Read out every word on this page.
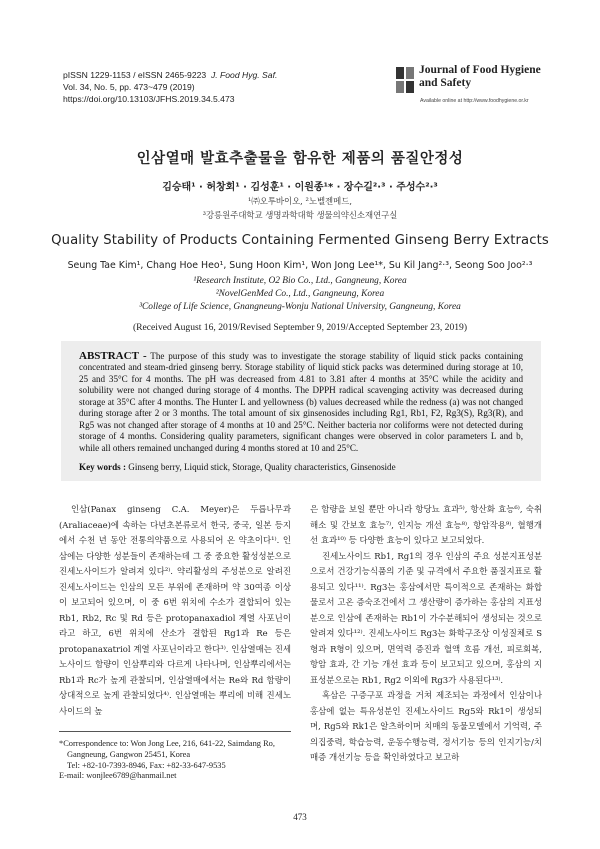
pISSN 1229-1153 / eISSN 2465-9223 J. Food Hyg. Saf.
Vol. 34, No. 5, pp. 473~479 (2019)
https://doi.org/10.13103/JFHS.2019.34.5.473
Journal of Food Hygiene
and Safety
Available online at http://www.foodhygiene.or.kr
인삼열매 발효추출물을 함유한 제품의 품질안정성
김승태¹ · 허창회¹ · 김성훈¹ · 이원종¹* · 장수길²·³ · 주성수²·³
¹㈜오투바이오, ²노벨젠메드,
³강릉원주대학교 생명과학대학 생물의약신소재연구실
Quality Stability of Products Containing Fermented Ginseng Berry Extracts
Seung Tae Kim¹, Chang Hoe Heo¹, Sung Hoon Kim¹, Won Jong Lee¹*, Su Kil Jang²·³, Seong Soo Joo²·³
¹Research Institute, O2 Bio Co., Ltd., Gangneung, Korea
²NovelGenMed Co., Ltd., Gangneung, Korea
³College of Life Science, Gnangneung-Wonju National University, Gangneung, Korea
(Received August 16, 2019/Revised September 9, 2019/Accepted September 23, 2019)
ABSTRACT - The purpose of this study was to investigate the storage stability of liquid stick packs containing concentrated and steam-dried ginseng berry. Storage stability of liquid stick packs was determined during storage at 10, 25 and 35°C for 4 months. The pH was decreased from 4.81 to 3.81 after 4 months at 35°C while the acidity and solubility were not changed during storage of 4 months. The DPPH radical scavenging activity was decreased during storage at 35°C after 4 months. The Hunter L and yellowness (b) values decreased while the redness (a) was not changed during storage after 2 or 3 months. The total amount of six ginsenosides including Rg1, Rb1, F2, Rg3(S), Rg3(R), and Rg5 was not changed after storage of 4 months at 10 and 25°C. Neither bacteria nor coliforms were not detected during storage of 4 months. Considering quality parameters, significant changes were observed in color parameters L and b, while all others remained unchanged during 4 months stored at 10 and 25°C.
Key words : Ginseng berry, Liquid stick, Storage, Quality characteristics, Ginsenoside

인삼(Panax ginseng C.A. Meyer)은 두릅나무과(Araliaceae)에 속하는 다년초본류로서 한국, 중국, 일본 등지에서 수천 년 동안 전통의약품으로 사용되어 온 약초이다¹⁾. 인삼에는 다양한 성분들이 존재하는데 그 중 중요한 활성성분으로 진세노사이드가 알려져 있다²⁾. 약리활성의 주성분으로 알려진 진세노사이드는 인삼의 모든 부위에 존재하며 약 30여종 이상이 보고되어 있으며, 이 중 6번 위치에 수소가 결합되어 있는 Rb1, Rb2, Rc 및 Rd 등은 protopanaxadiol 계열 사포닌이라고 하고, 6번 위치에 산소가 결합된 Rg1과 Re 등은 protopanaxatriol 계열 사포닌이라고 한다³⁾. 인삼열매는 진세노사이드 함량이 인삼뿌리와 다르게 나타나며, 인삼뿌리에서는 Rb1과 Rc가 높게 관찰되며, 인삼열매에서는 Re와 Rd 함량이 상대적으로 높게 관찰되었다⁴⁾. 인삼열매는 뿌리에 비해 진세노사이드의 높

은 함량을 보일 뿐만 아니라 항당뇨 효과⁵⁾, 항산화 효능⁶⁾, 숙취해소 및 간보호 효능⁷⁾, 인지능 개선 효능⁸⁾, 항암작용⁹⁾, 혈행개선 효과¹⁰⁾ 등 다양한 효능이 있다고 보고되었다.

진세노사이드 Rb1, Rg1의 경우 인삼의 주요 성분지표성분으로서 건강기능식품의 기준 및 규격에서 주요한 품질지표로 활용되고 있다¹¹⁾. Rg3는 홍삼에서만 특이적으로 존재하는 화합물로서 고온 증숙조건에서 그 생산량이 증가하는 홍삼의 지표성분으로 인삼에 존재하는 Rb1이 가수분해되어 생성되는 것으로 알려져 있다¹²⁾. 진세노사이드 Rg3는 화학구조상 이성질체로 S형과 R형이 있으며, 면역력 증진과 혈액 흐름 개선, 피로회복, 항암 효과, 간 기능 개선 효과 등이 보고되고 있으며, 홍삼의 지표성분으로는 Rb1, Rg2 이외에 Rg3가 사용된다¹³⁾.

혹삼은 구증구포 과정을 거쳐 제조되는 과정에서 인삼이나 홍삼에 없는 특유성분인 진세노사이드 Rg5와 Rk1이 생성되며, Rg5와 Rk1은 알츠하이머 치매의 동물모델에서 기억력, 주의집중력, 학습능력, 운동수행능력, 정서기능 등의 인지기능/치매증 개선기능 등을 확인하였다고 보고하

*Correspondence to: Won Jong Lee, 216, 641-22, Saimdang Ro,
Gangneung, Gangwon 25451, Korea
Tel: +82-10-7393-8946, Fax: +82-33-647-9535
E-mail: wonjlee6789@hanmail.net
473
